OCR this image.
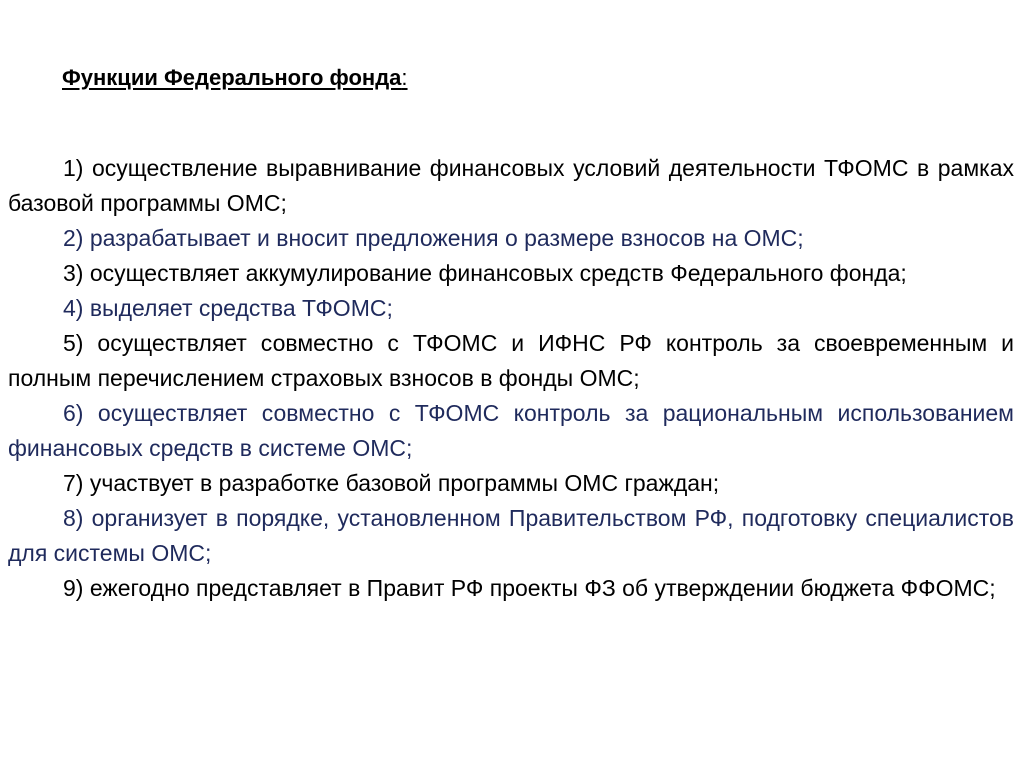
Функции Федерального фонда:
1) осуществление выравнивание финансовых условий деятельности ТФОМС в рамках базовой программы ОМС;
2) разрабатывает и вносит предложения о размере взносов на ОМС;
3) осуществляет аккумулирование финансовых средств Федерального фонда;
4) выделяет средства ТФОМС;
5) осуществляет совместно с ТФОМС и ИФНС РФ контроль за своевременным и полным перечислением страховых взносов в фонды ОМС;
6) осуществляет совместно с ТФОМС контроль за рациональным использованием финансовых средств в системе ОМС;
7) участвует в разработке базовой программы ОМС граждан;
8) организует в порядке, установленном Правительством РФ, подготовку специалистов для системы ОМС;
9) ежегодно представляет в Правит РФ проекты ФЗ об утверждении бюджета ФФОМС;
